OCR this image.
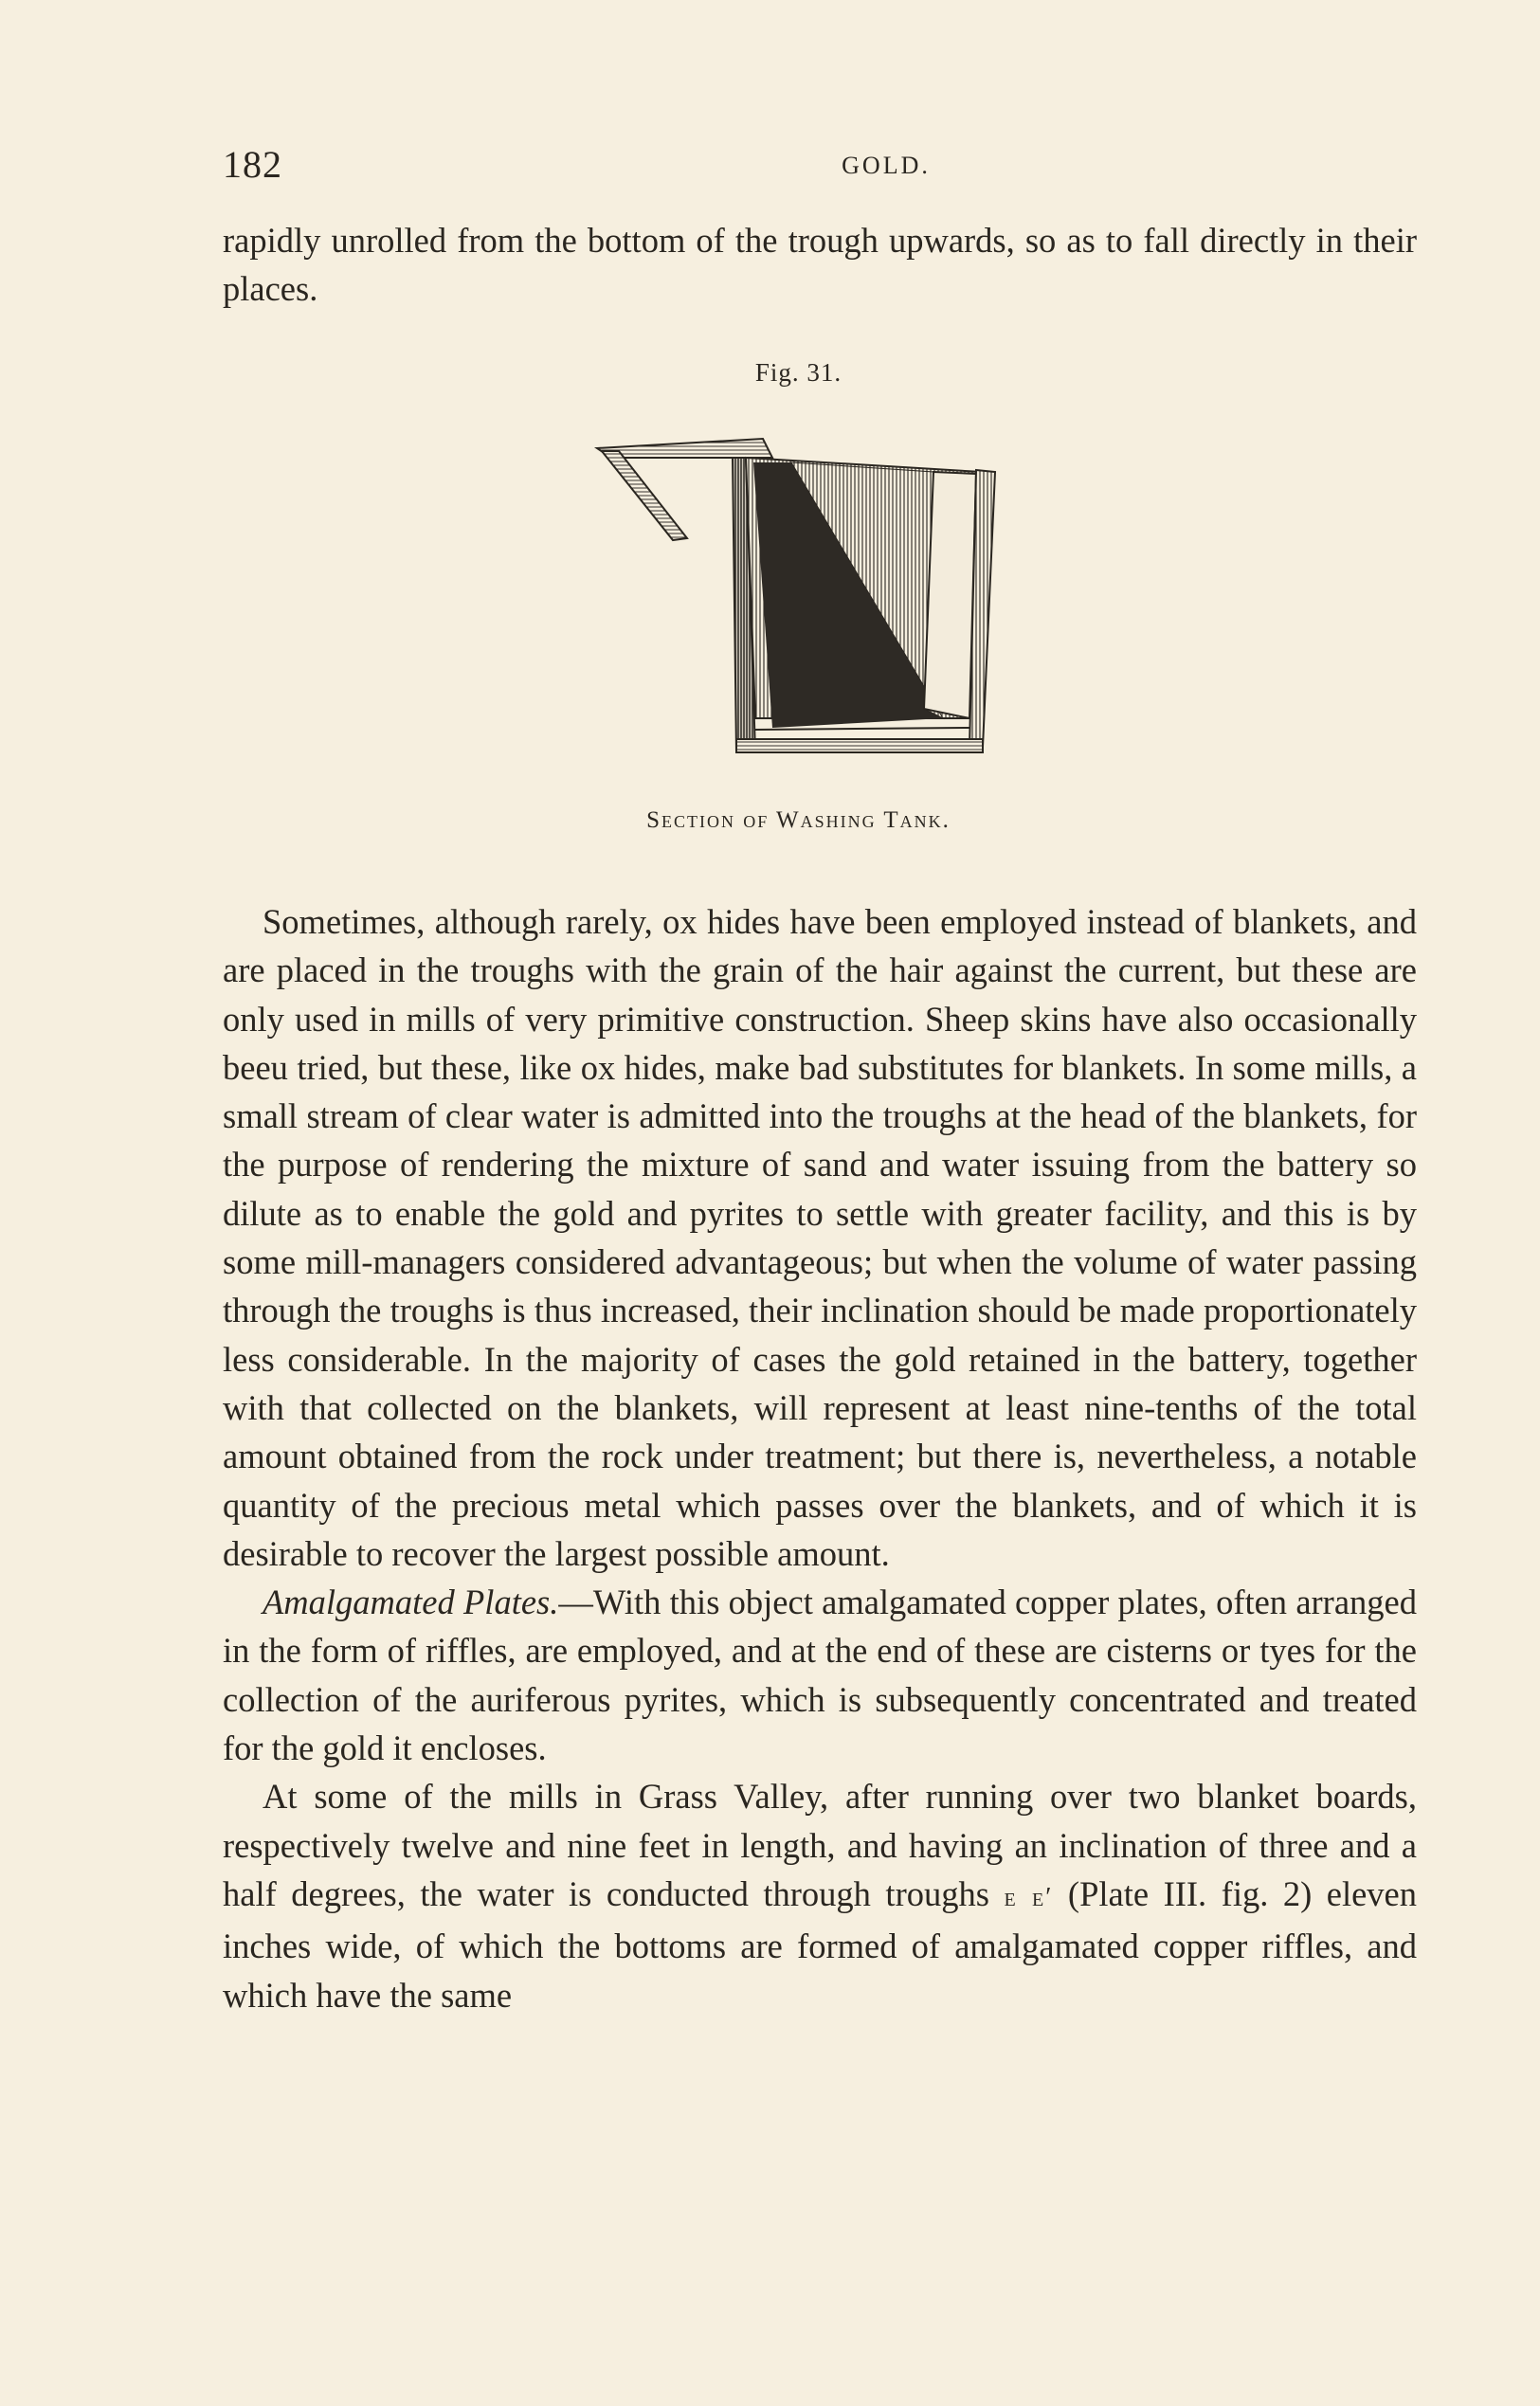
182	GOLD.

rapidly unrolled from the bottom of the trough upwards, so as to fall directly in their places.

Fig. 31.
Section of Washing Tank.

Sometimes, although rarely, ox hides have been employed instead of blankets, and are placed in the troughs with the grain of the hair against the current, but these are only used in mills of very primitive construction. Sheep skins have also occasionally beeu tried, but these, like ox hides, make bad substitutes for blankets. In some mills, a small stream of clear water is admitted into the troughs at the head of the blankets, for the purpose of rendering the mixture of sand and water issuing from the battery so dilute as to enable the gold and pyrites to settle with greater facility, and this is by some mill-managers considered advantageous; but when the volume of water passing through the troughs is thus increased, their inclination should be made proportionately less considerable. In the majority of cases the gold retained in the battery, together with that collected on the blankets, will represent at least nine-tenths of the total amount obtained from the rock under treatment; but there is, nevertheless, a notable quantity of the precious metal which passes over the blankets, and of which it is desirable to recover the largest possible amount.

Amalgamated Plates.—With this object amalgamated copper plates, often arranged in the form of riffles, are employed, and at the end of these are cisterns or tyes for the collection of the auriferous pyrites, which is subsequently concentrated and treated for the gold it encloses.

At some of the mills in Grass Valley, after running over two blanket boards, respectively twelve and nine feet in length, and having an inclination of three and a half degrees, the water is conducted through troughs e e′ (Plate III. fig. 2) eleven inches wide, of which the bottoms are formed of amalgamated copper riffles, and which have the same
